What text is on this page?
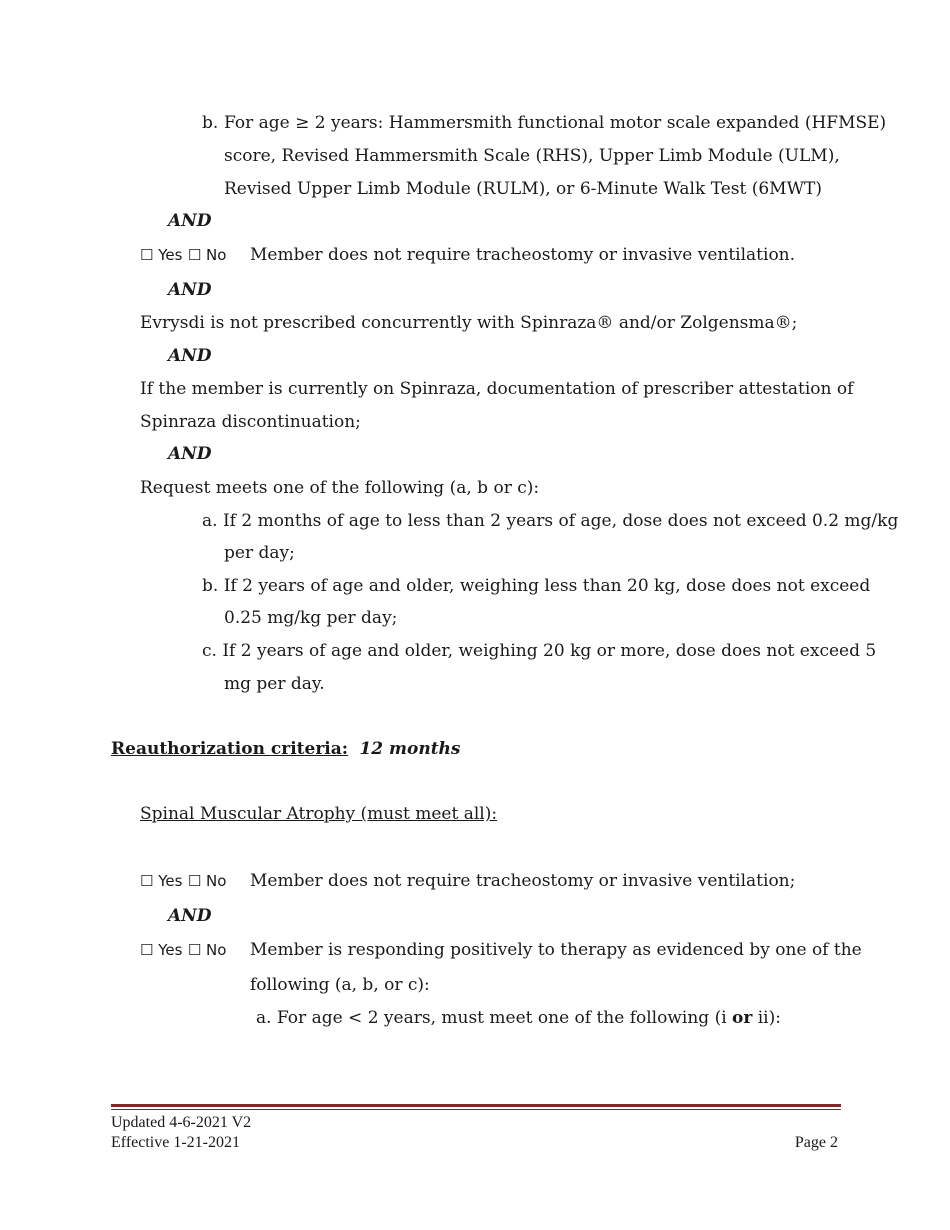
b. For age ≥ 2 years: Hammersmith functional motor scale expanded (HFMSE)
score, Revised Hammersmith Scale (RHS), Upper Limb Module (ULM),
Revised Upper Limb Module (RULM), or 6-Minute Walk Test (6MWT)
AND
☐ Yes ☐ No Member does not require tracheostomy or invasive ventilation.
AND
Evrysdi is not prescribed concurrently with Spinraza® and/or Zolgensma®;
AND
If the member is currently on Spinraza, documentation of prescriber attestation of
Spinraza discontinuation;
AND
Request meets one of the following (a, b or c):
a. If 2 months of age to less than 2 years of age, dose does not exceed 0.2 mg/kg
per day;
b. If 2 years of age and older, weighing less than 20 kg, dose does not exceed
0.25 mg/kg per day;
c. If 2 years of age and older, weighing 20 kg or more, dose does not exceed 5
mg per day.
Reauthorization criteria: 12 months
Spinal Muscular Atrophy (must meet all):
☐ Yes ☐ No Member does not require tracheostomy or invasive ventilation;
AND
☐ Yes ☐ No Member is responding positively to therapy as evidenced by one of the
following (a, b, or c):
a. For age < 2 years, must meet one of the following (i or ii):
Updated 4-6-2021 V2
Effective 1-21-2021	Page 2
